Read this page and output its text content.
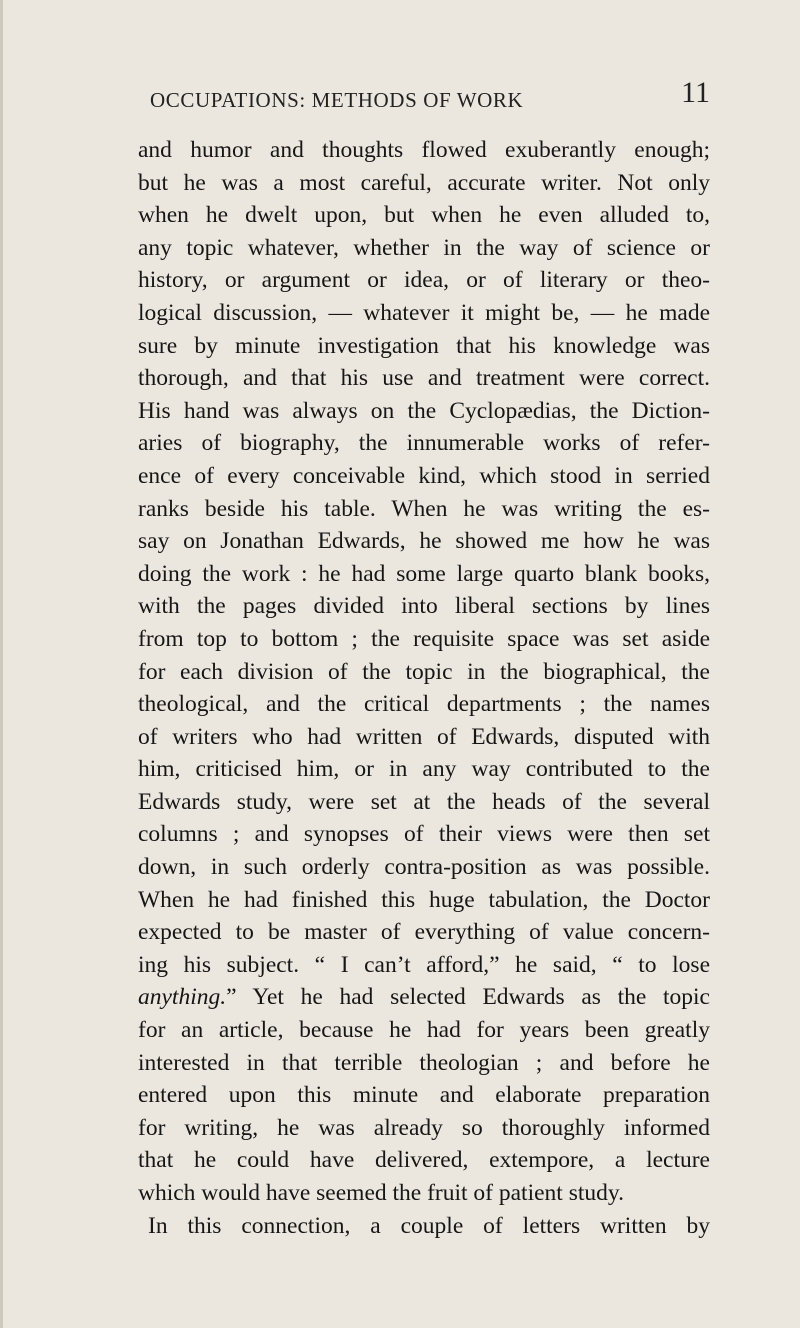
OCCUPATIONS: METHODS OF WORK	11
and humor and thoughts flowed exuberantly enough;
but he was a most careful, accurate writer. Not only
when he dwelt upon, but when he even alluded to,
any topic whatever, whether in the way of science or
history, or argument or idea, or of literary or theo-
logical discussion, — whatever it might be, — he made
sure by minute investigation that his knowledge was
thorough, and that his use and treatment were correct.
His hand was always on the Cyclopædias, the Diction-
aries of biography, the innumerable works of refer-
ence of every conceivable kind, which stood in serried
ranks beside his table. When he was writing the es-
say on Jonathan Edwards, he showed me how he was
doing the work : he had some large quarto blank books,
with the pages divided into liberal sections by lines
from top to bottom ; the requisite space was set aside
for each division of the topic in the biographical, the
theological, and the critical departments ; the names
of writers who had written of Edwards, disputed with
him, criticised him, or in any way contributed to the
Edwards study, were set at the heads of the several
columns ; and synopses of their views were then set
down, in such orderly contra-position as was possible.
When he had finished this huge tabulation, the Doctor
expected to be master of everything of value concern-
ing his subject. “ I can’t afford,” he said, “ to lose
anything.” Yet he had selected Edwards as the topic
for an article, because he had for years been greatly
interested in that terrible theologian ; and before he
entered upon this minute and elaborate preparation
for writing, he was already so thoroughly informed
that he could have delivered, extempore, a lecture
which would have seemed the fruit of patient study.
In this connection, a couple of letters written by
